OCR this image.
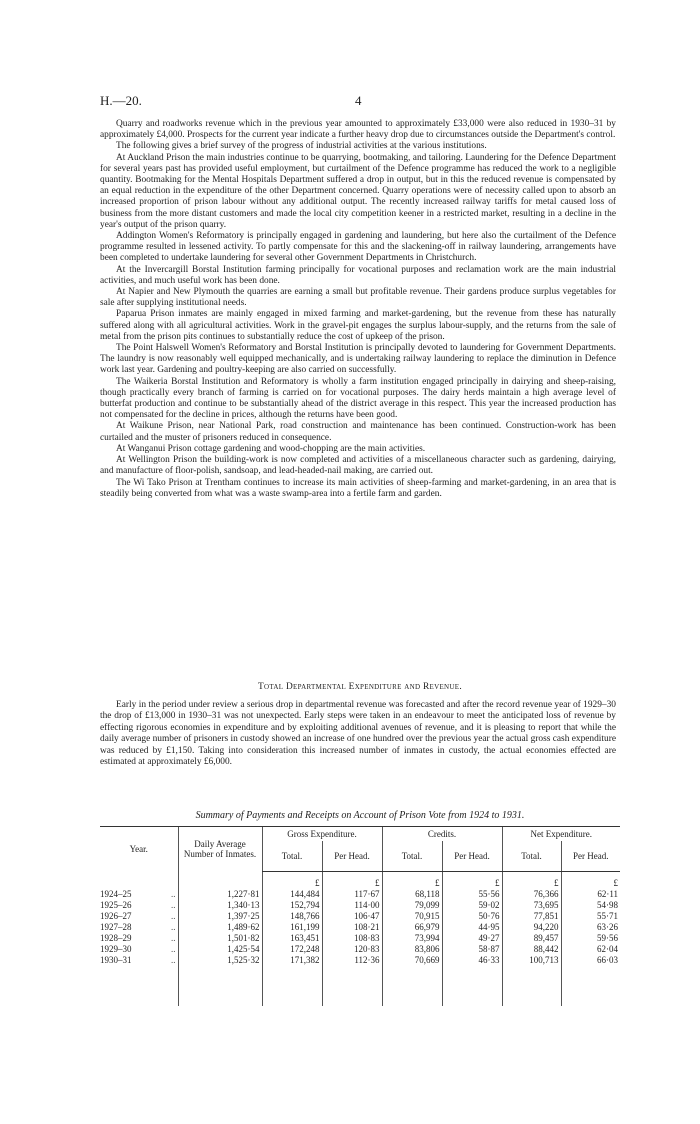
H.—20.	4

Quarry and roadworks revenue which in the previous year amounted to approximately £33,000 were also reduced in 1930–31 by approximately £4,000. Prospects for the current year indicate a further heavy drop due to circumstances outside the Department's control.

The following gives a brief survey of the progress of industrial activities at the various institutions.

At Auckland Prison the main industries continue to be quarrying, bootmaking, and tailoring. Laundering for the Defence Department for several years past has provided useful employment, but curtailment of the Defence programme has reduced the work to a negligible quantity. Bootmaking for the Mental Hospitals Department suffered a drop in output, but in this the reduced revenue is compensated by an equal reduction in the expenditure of the other Department concerned. Quarry operations were of necessity called upon to absorb an increased proportion of prison labour without any additional output. The recently increased railway tariffs for metal caused loss of business from the more distant customers and made the local city competition keener in a restricted market, resulting in a decline in the year's output of the prison quarry.

Addington Women's Reformatory is principally engaged in gardening and laundering, but here also the curtailment of the Defence programme resulted in lessened activity. To partly compensate for this and the slackening-off in railway laundering, arrangements have been completed to undertake laundering for several other Government Departments in Christchurch.

At the Invercargill Borstal Institution farming principally for vocational purposes and reclamation work are the main industrial activities, and much useful work has been done.

At Napier and New Plymouth the quarries are earning a small but profitable revenue. Their gardens produce surplus vegetables for sale after supplying institutional needs.

Paparua Prison inmates are mainly engaged in mixed farming and market-gardening, but the revenue from these has naturally suffered along with all agricultural activities. Work in the gravel-pit engages the surplus labour-supply, and the returns from the sale of metal from the prison pits continues to substantially reduce the cost of upkeep of the prison.

The Point Halswell Women's Reformatory and Borstal Institution is principally devoted to laundering for Government Departments. The laundry is now reasonably well equipped mechanically, and is undertaking railway laundering to replace the diminution in Defence work last year. Gardening and poultry-keeping are also carried on successfully.

The Waikeria Borstal Institution and Reformatory is wholly a farm institution engaged principally in dairying and sheep-raising, though practically every branch of farming is carried on for vocational purposes. The dairy herds maintain a high average level of butterfat production and continue to be substantially ahead of the district average in this respect. This year the increased production has not compensated for the decline in prices, although the returns have been good.

At Waikune Prison, near National Park, road construction and maintenance has been continued. Construction-work has been curtailed and the muster of prisoners reduced in consequence.

At Wanganui Prison cottage gardening and wood-chopping are the main activities.

At Wellington Prison the building-work is now completed and activities of a miscellaneous character such as gardening, dairying, and manufacture of floor-polish, sandsoap, and lead-headed-nail making, are carried out.

The Wi Tako Prison at Trentham continues to increase its main activities of sheep-farming and market-gardening, in an area that is steadily being converted from what was a waste swamp-area into a fertile farm and garden.

Total Departmental Expenditure and Revenue.

Early in the period under review a serious drop in departmental revenue was forecasted and after the record revenue year of 1929–30 the drop of £13,000 in 1930–31 was not unexpected. Early steps were taken in an endeavour to meet the anticipated loss of revenue by effecting rigorous economies in expenditure and by exploiting additional avenues of revenue, and it is pleasing to report that while the daily average number of prisoners in custody showed an increase of one hundred over the previous year the actual gross cash expenditure was reduced by £1,150. Taking into consideration this increased number of inmates in custody, the actual economies effected are estimated at approximately £6,000.

Summary of Payments and Receipts on Account of Prison Vote from 1924 to 1931.
Year.	Daily Average Number of Inmates.	Gross Expenditure.		Credits.		Net Expenditure.	
		Total.	Per Head.	Total.	Per Head.	Total.	Per Head.
		£	£	£	£	£	£
1924–25 ..	1,227·81	144,484	117·67	68,118	55·56	76,366	62·11
1925–26 ..	1,340·13	152,794	114·00	79,099	59·02	73,695	54·98
1926–27 ..	1,397·25	148,766	106·47	70,915	50·76	77,851	55·71
1927–28 ..	1,489·62	161,199	108·21	66,979	44·95	94,220	63·26
1928–29 ..	1,501·82	163,451	108·83	73,994	49·27	89,457	59·56
1929–30 ..	1,425·54	172,248	120·83	83,806	58·87	88,442	62·04
1930–31 ..	1,525·32	171,382	112·36	70,669	46·33	100,713	66·03
